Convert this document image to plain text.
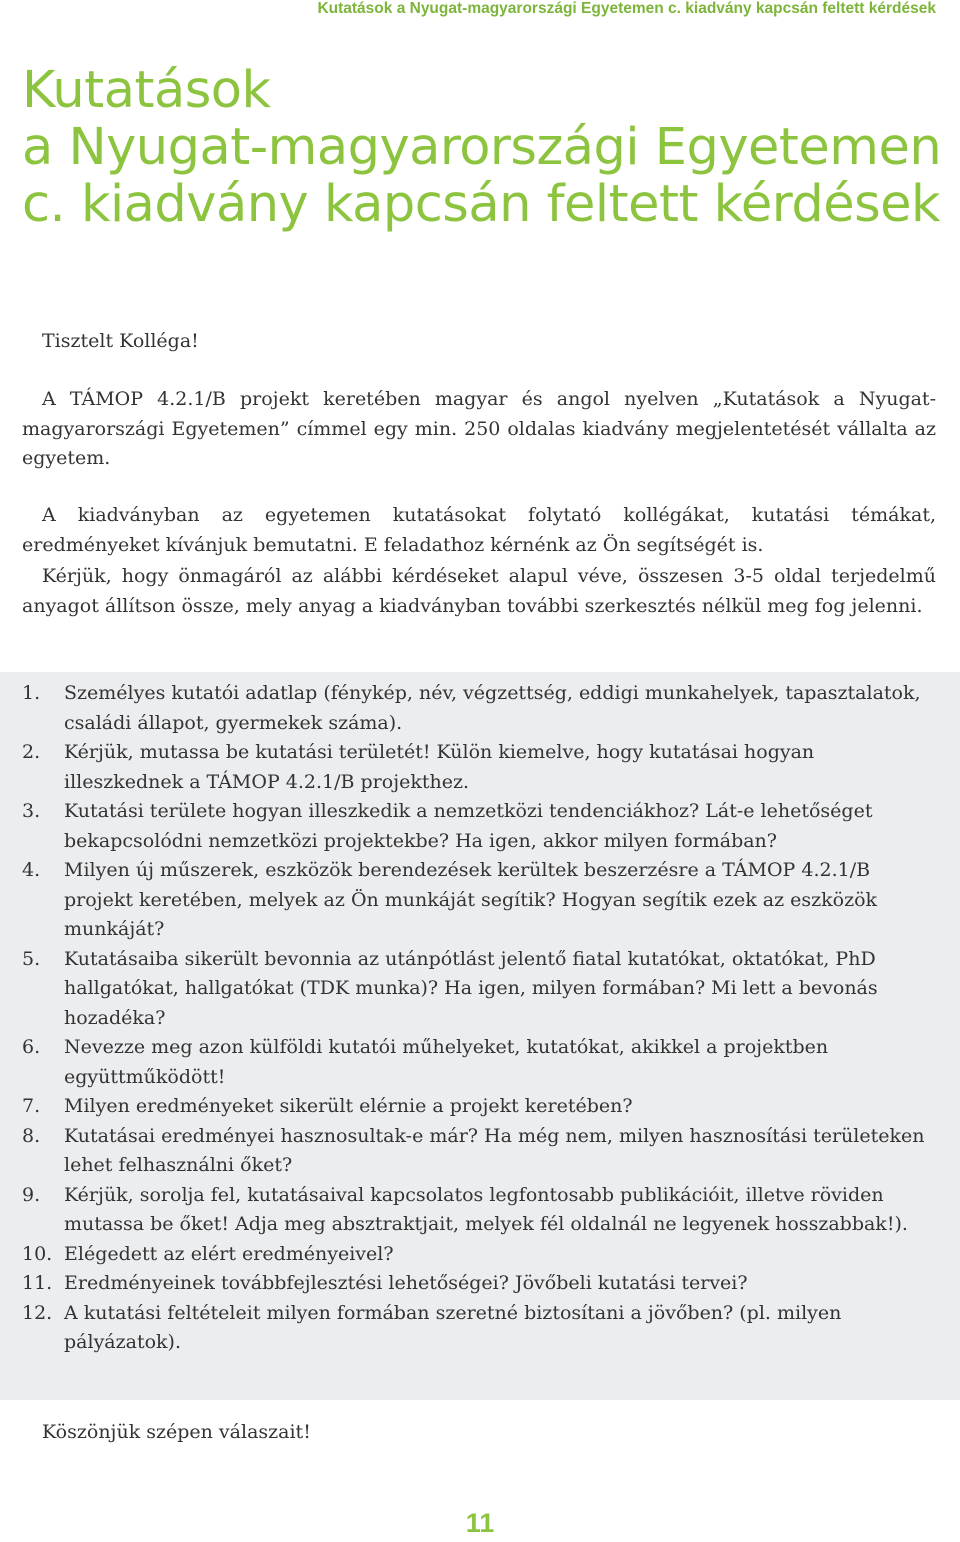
Kutatások a Nyugat-magyarországi Egyetemen c. kiadvány kapcsán feltett kérdések
Kutatások
a Nyugat-magyarországi Egyetemen
c. kiadvány kapcsán feltett kérdések

Tisztelt Kolléga!

A TÁMOP 4.2.1/B projekt keretében magyar és angol nyelven „Kutatások a Nyugat-magyarországi Egyetemen” címmel egy min. 250 oldalas kiadvány megjelentetését vállalta az egyetem.

A kiadványban az egyetemen kutatásokat folytató kollégákat, kutatási témákat, eredményeket kívánjuk bemutatni. E feladathoz kérnénk az Ön segítségét is.

Kérjük, hogy önmagáról az alábbi kérdéseket alapul véve, összesen 3-5 oldal terjedelmű anyagot állítson össze, mely anyag a kiadványban további szerkesztés nélkül meg fog jelenni.

1.	Személyes kutatói adatlap (fénykép, név, végzettség, eddigi munkahelyek, tapasztalatok, családi állapot, gyermekek száma).
2.	Kérjük, mutassa be kutatási területét! Külön kiemelve, hogy kutatásai hogyan illeszkednek a TÁMOP 4.2.1/B projekthez.
3.	Kutatási területe hogyan illeszkedik a nemzetközi tendenciákhoz? Lát-e lehetőséget bekapcsolódni nemzetközi projektekbe? Ha igen, akkor milyen formában?
4.	Milyen új műszerek, eszközök berendezések kerültek beszerzésre a TÁMOP 4.2.1/B projekt keretében, melyek az Ön munkáját segítik? Hogyan segítik ezek az eszközök munkáját?
5.	Kutatásaiba sikerült bevonnia az utánpótlást jelentő fiatal kutatókat, oktatókat, PhD hallgatókat, hallgatókat (TDK munka)? Ha igen, milyen formában? Mi lett a bevonás hozadéka?
6.	Nevezze meg azon külföldi kutatói műhelyeket, kutatókat, akikkel a projektben együttműködött!
7.	Milyen eredményeket sikerült elérnie a projekt keretében?
8.	Kutatásai eredményei hasznosultak-e már? Ha még nem, milyen hasznosítási területeken lehet felhasználni őket?
9.	Kérjük, sorolja fel, kutatásaival kapcsolatos legfontosabb publikációit, illetve röviden mutassa be őket! Adja meg absztraktjait, melyek fél oldalnál ne legyenek hosszabbak!).
10. Elégedett az elért eredményeivel?
11. Eredményeinek továbbfejlesztési lehetőségei? Jövőbeli kutatási tervei?
12. A kutatási feltételeit milyen formában szeretné biztosítani a jövőben? (pl. milyen pályázatok).

Köszönjük szépen válaszait!

11
